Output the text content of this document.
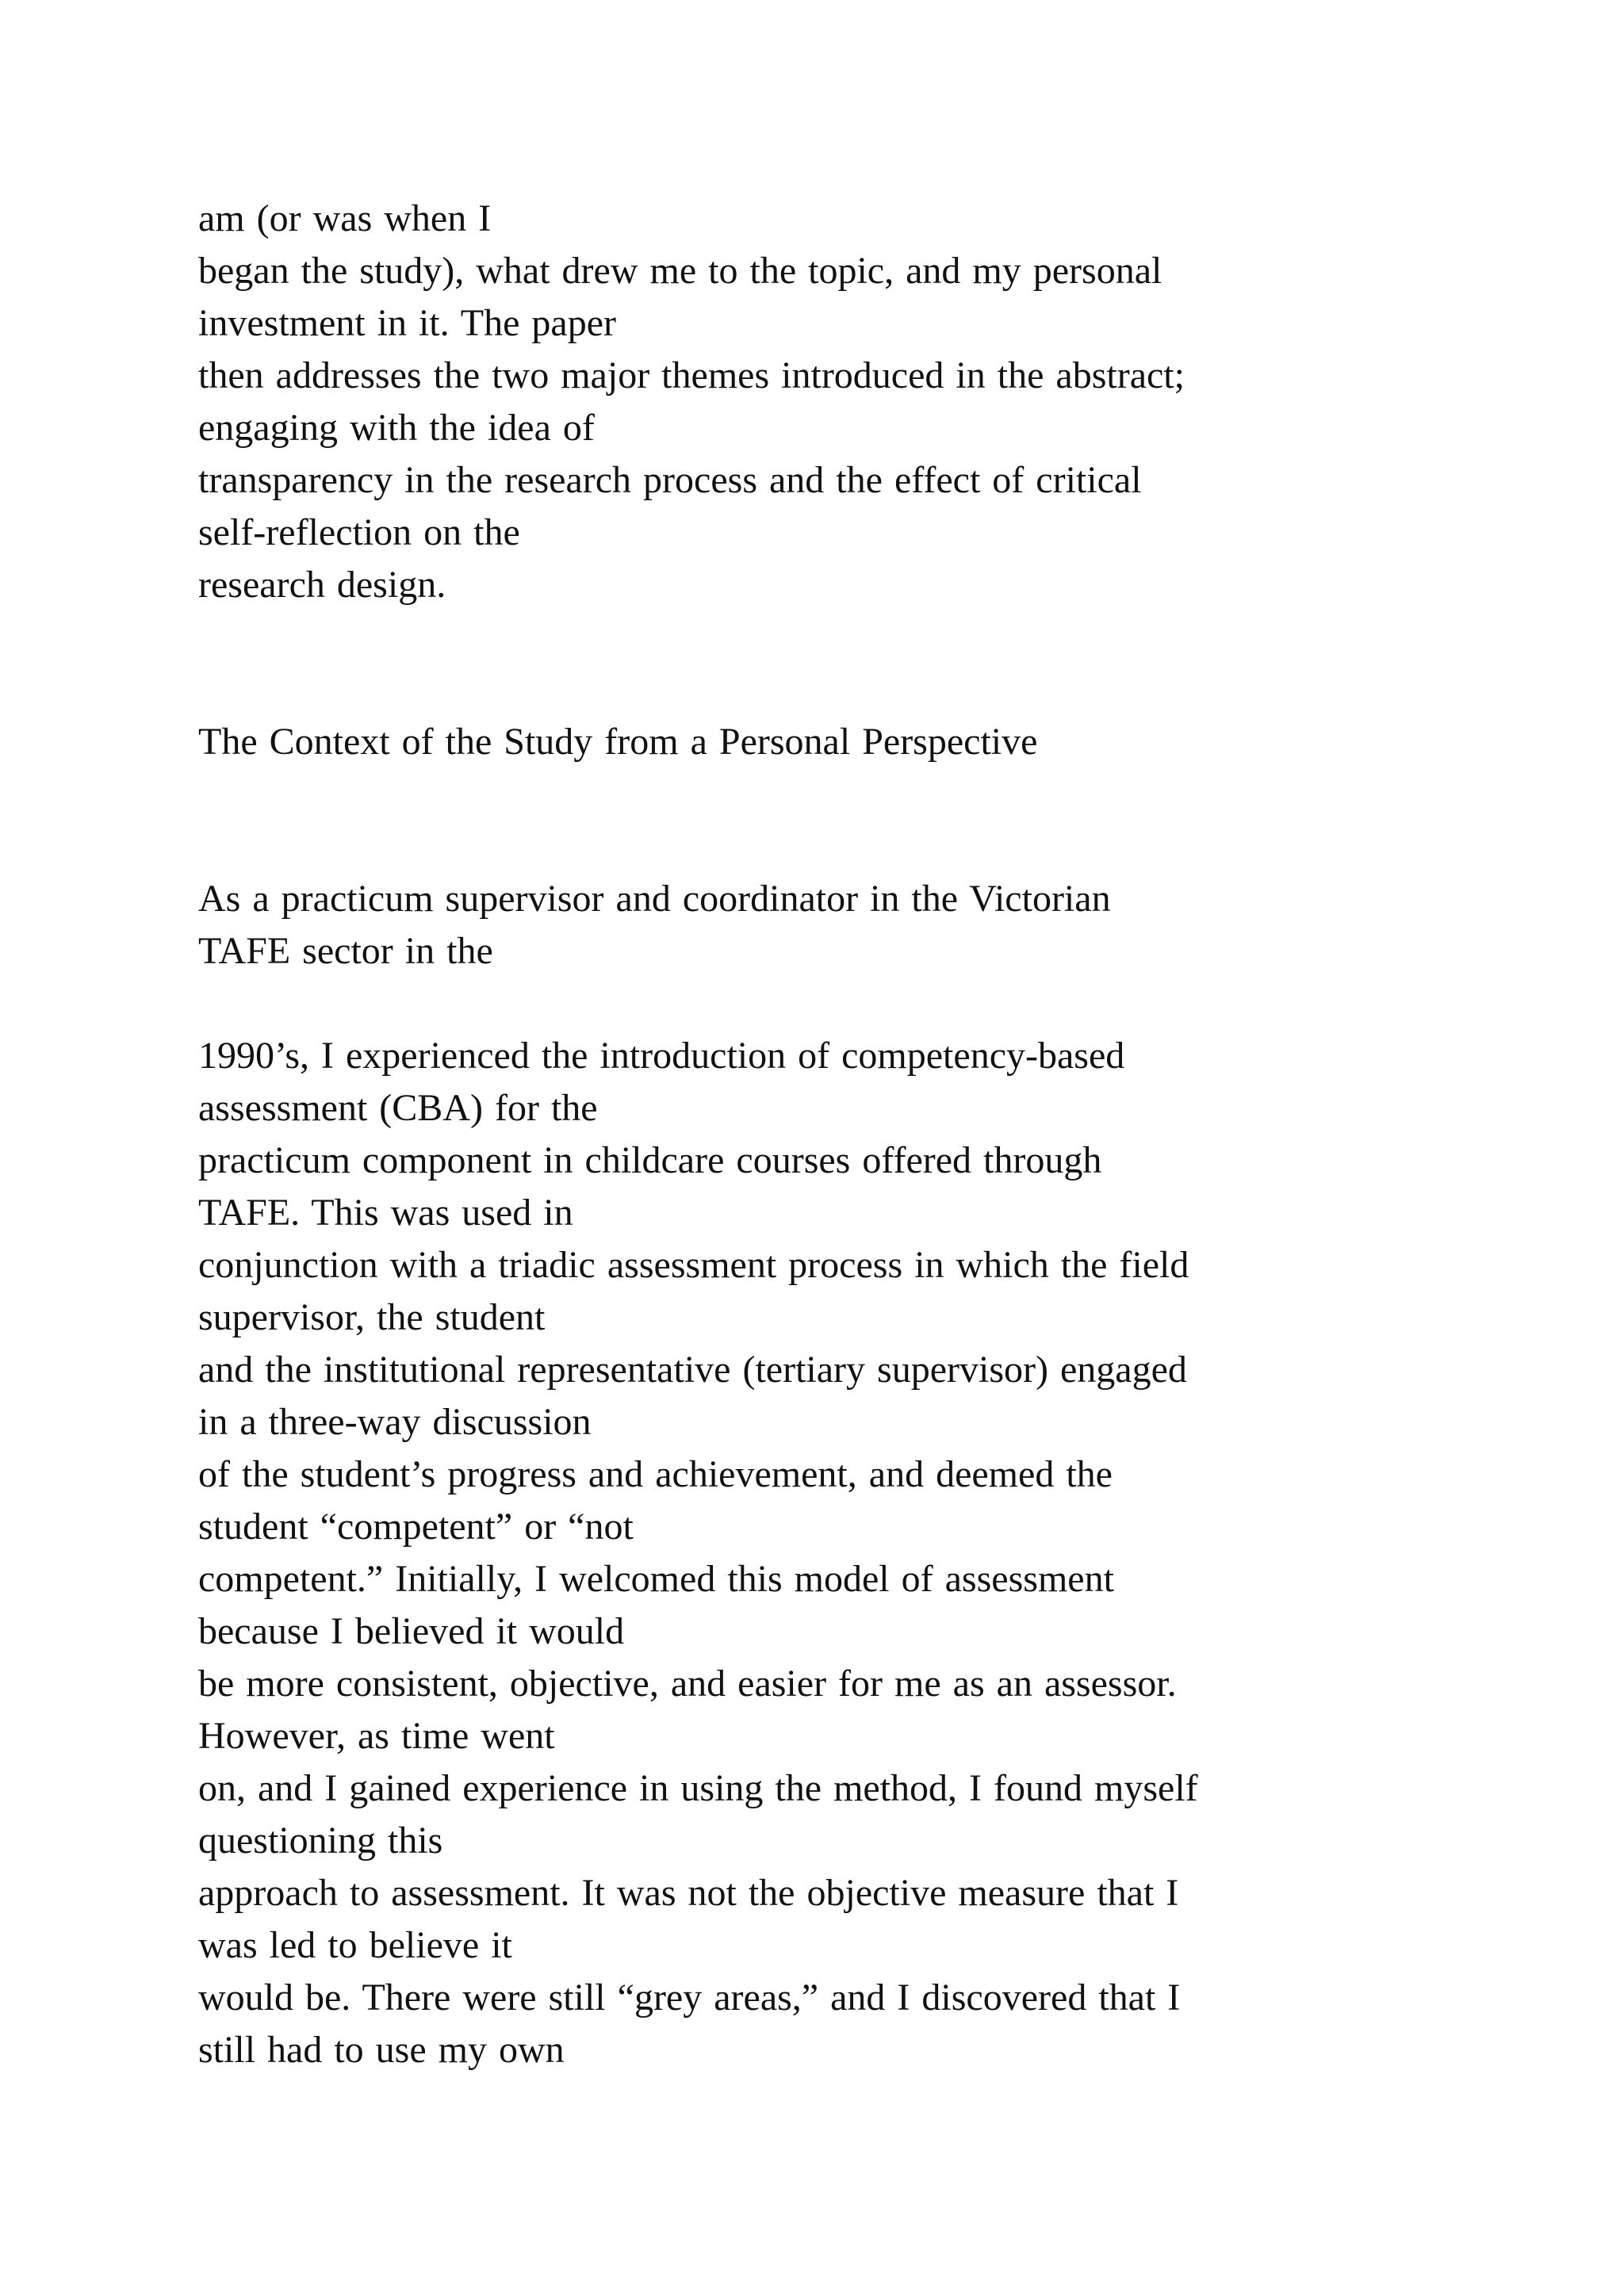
am (or was when I
began the study), what drew me to the topic, and my personal
investment in it. The paper
then addresses the two major themes introduced in the abstract;
engaging with the idea of
transparency in the research process and the effect of critical
self-reflection on the
research design.
The Context of the Study from a Personal Perspective
As a practicum supervisor and coordinator in the Victorian
TAFE sector in the
1990’s, I experienced the introduction of competency-based
assessment (CBA) for the
practicum component in childcare courses offered through
TAFE. This was used in
conjunction with a triadic assessment process in which the field
supervisor, the student
and the institutional representative (tertiary supervisor) engaged
in a three-way discussion
of the student’s progress and achievement, and deemed the
student “competent” or “not
competent.” Initially, I welcomed this model of assessment
because I believed it would
be more consistent, objective, and easier for me as an assessor.
However, as time went
on, and I gained experience in using the method, I found myself
questioning this
approach to assessment. It was not the objective measure that I
was led to believe it
would be. There were still “grey areas,” and I discovered that I
still had to use my own
